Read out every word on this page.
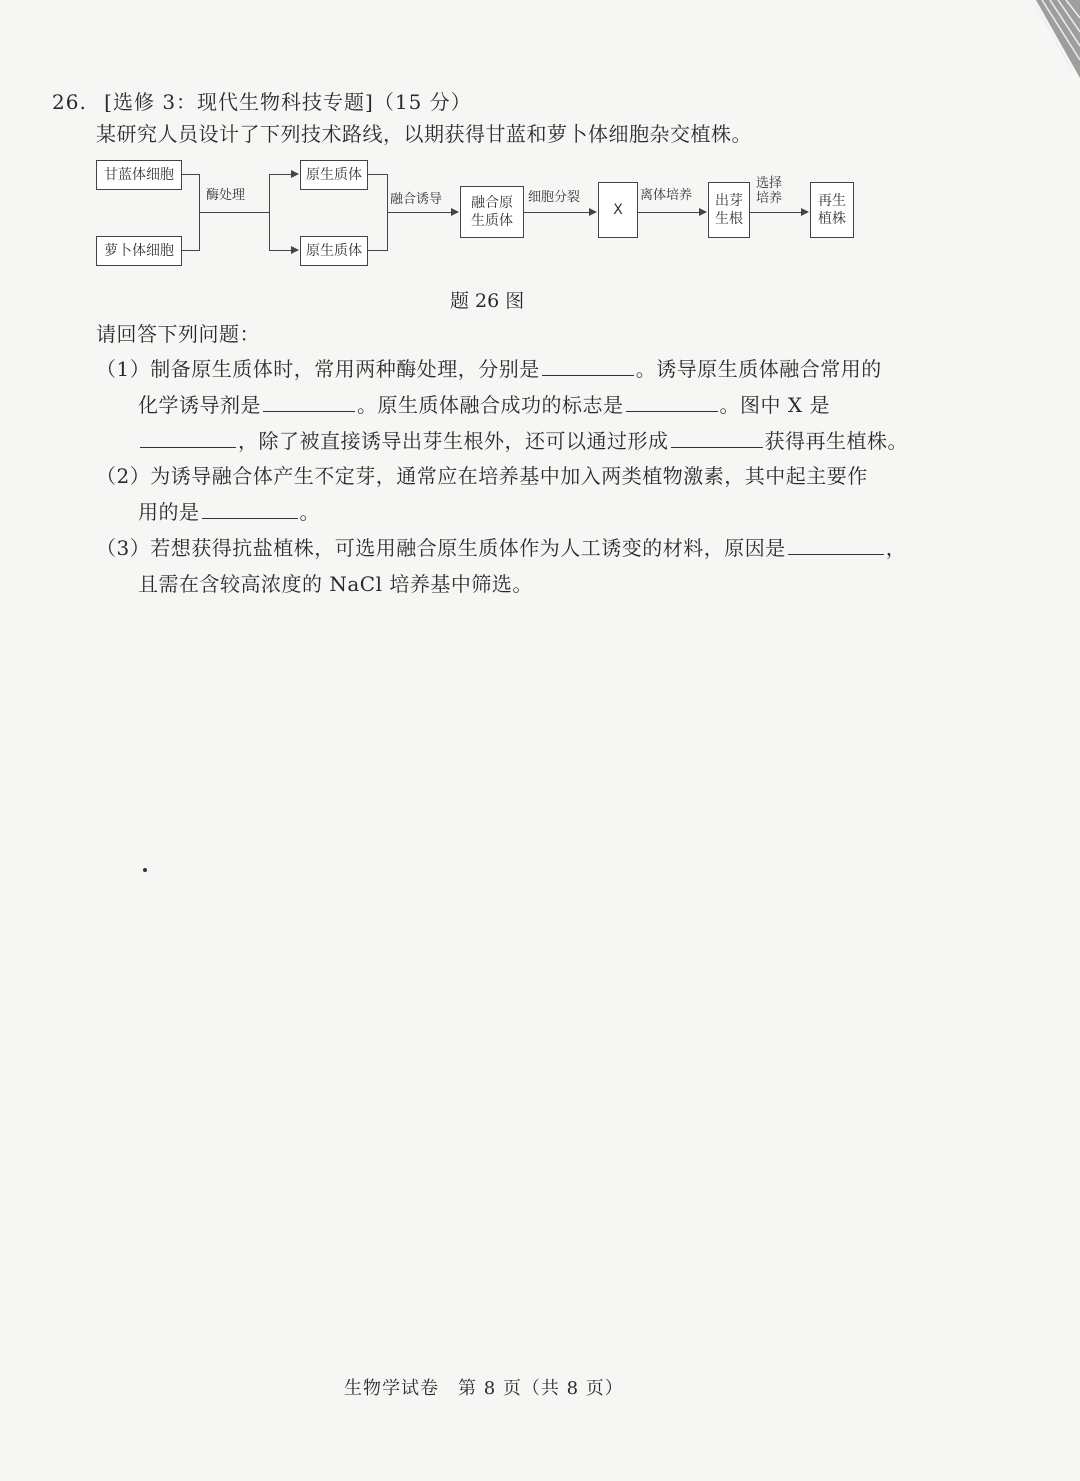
26. [选修 3：现代生物科技专题]（15 分）
某研究人员设计了下列技术路线，以期获得甘蓝和萝卜体细胞杂交植株。
甘蓝体细胞
萝卜体细胞
酶处理
原生质体
原生质体
融合诱导 融合原
生质体
细胞分裂
X
离体培养 出芽
生根
选择
培养	再生
植株
题 26 图
请回答下列问题：
（1）制备原生质体时，常用两种酶处理，分别是	。诱导原生质体融合常用的
化学诱导剂是	。原生质体融合成功的标志是	。图中 X 是
，除了被直接诱导出芽生根外，还可以通过形成	获得再生植株。
（2）为诱导融合体产生不定芽，通常应在培养基中加入两类植物激素，其中起主要作
用的是	。
（3）若想获得抗盐植株，可选用融合原生质体作为人工诱变的材料，原因是	，
且需在含较高浓度的 NaCl 培养基中筛选。
生物学试卷　第 8 页（共 8 页）
